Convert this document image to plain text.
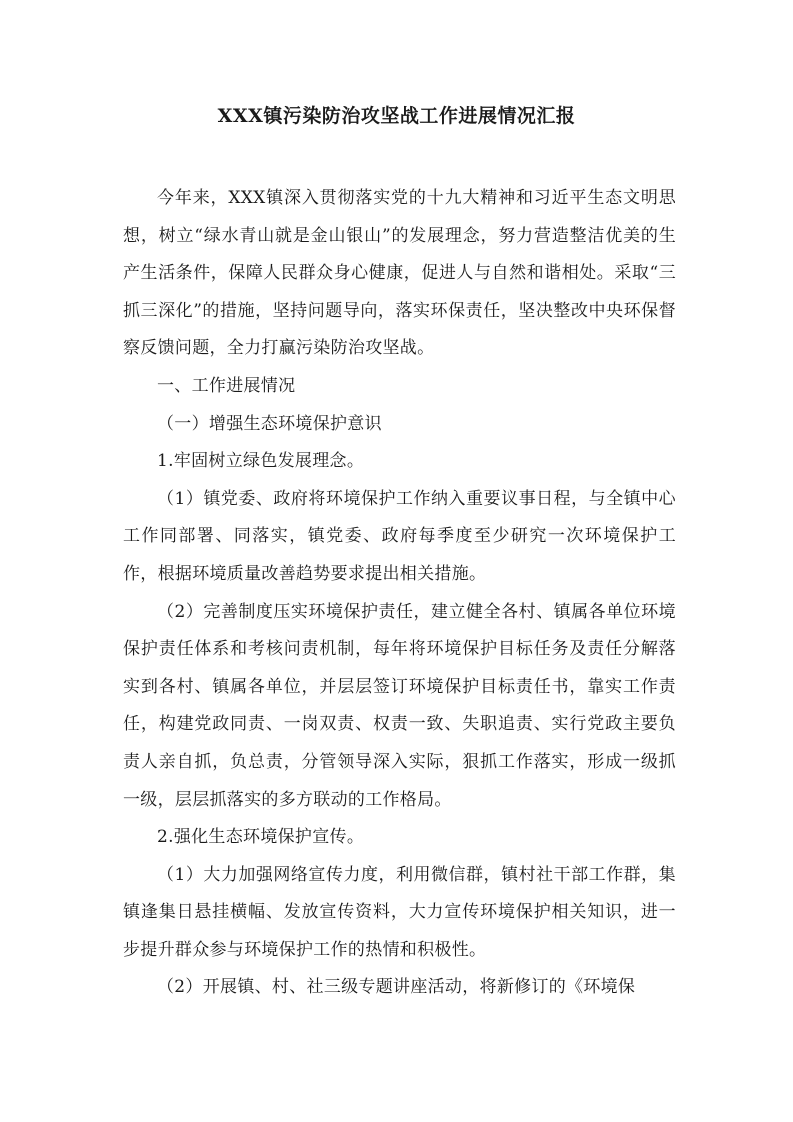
XXX镇污染防治攻坚战工作进展情况汇报

今年来，XXX镇深入贯彻落实党的十九大精神和习近平生态文明思想，树立“绿水青山就是金山银山”的发展理念，努力营造整洁优美的生产生活条件，保障人民群众身心健康，促进人与自然和谐相处。采取“三抓三深化”的措施，坚持问题导向，落实环保责任，坚决整改中央环保督察反馈问题，全力打赢污染防治攻坚战。

一、工作进展情况

（一）增强生态环境保护意识

1.牢固树立绿色发展理念。

（1）镇党委、政府将环境保护工作纳入重要议事日程，与全镇中心工作同部署、同落实，镇党委、政府每季度至少研究一次环境保护工作，根据环境质量改善趋势要求提出相关措施。

（2）完善制度压实环境保护责任，建立健全各村、镇属各单位环境保护责任体系和考核问责机制，每年将环境保护目标任务及责任分解落实到各村、镇属各单位，并层层签订环境保护目标责任书，靠实工作责任，构建党政同责、一岗双责、权责一致、失职追责、实行党政主要负责人亲自抓，负总责，分管领导深入实际，狠抓工作落实，形成一级抓一级，层层抓落实的多方联动的工作格局。

2.强化生态环境保护宣传。

（1）大力加强网络宣传力度，利用微信群，镇村社干部工作群，集镇逢集日悬挂横幅、发放宣传资料，大力宣传环境保护相关知识，进一步提升群众参与环境保护工作的热情和积极性。

（2）开展镇、村、社三级专题讲座活动，将新修订的《环境保
